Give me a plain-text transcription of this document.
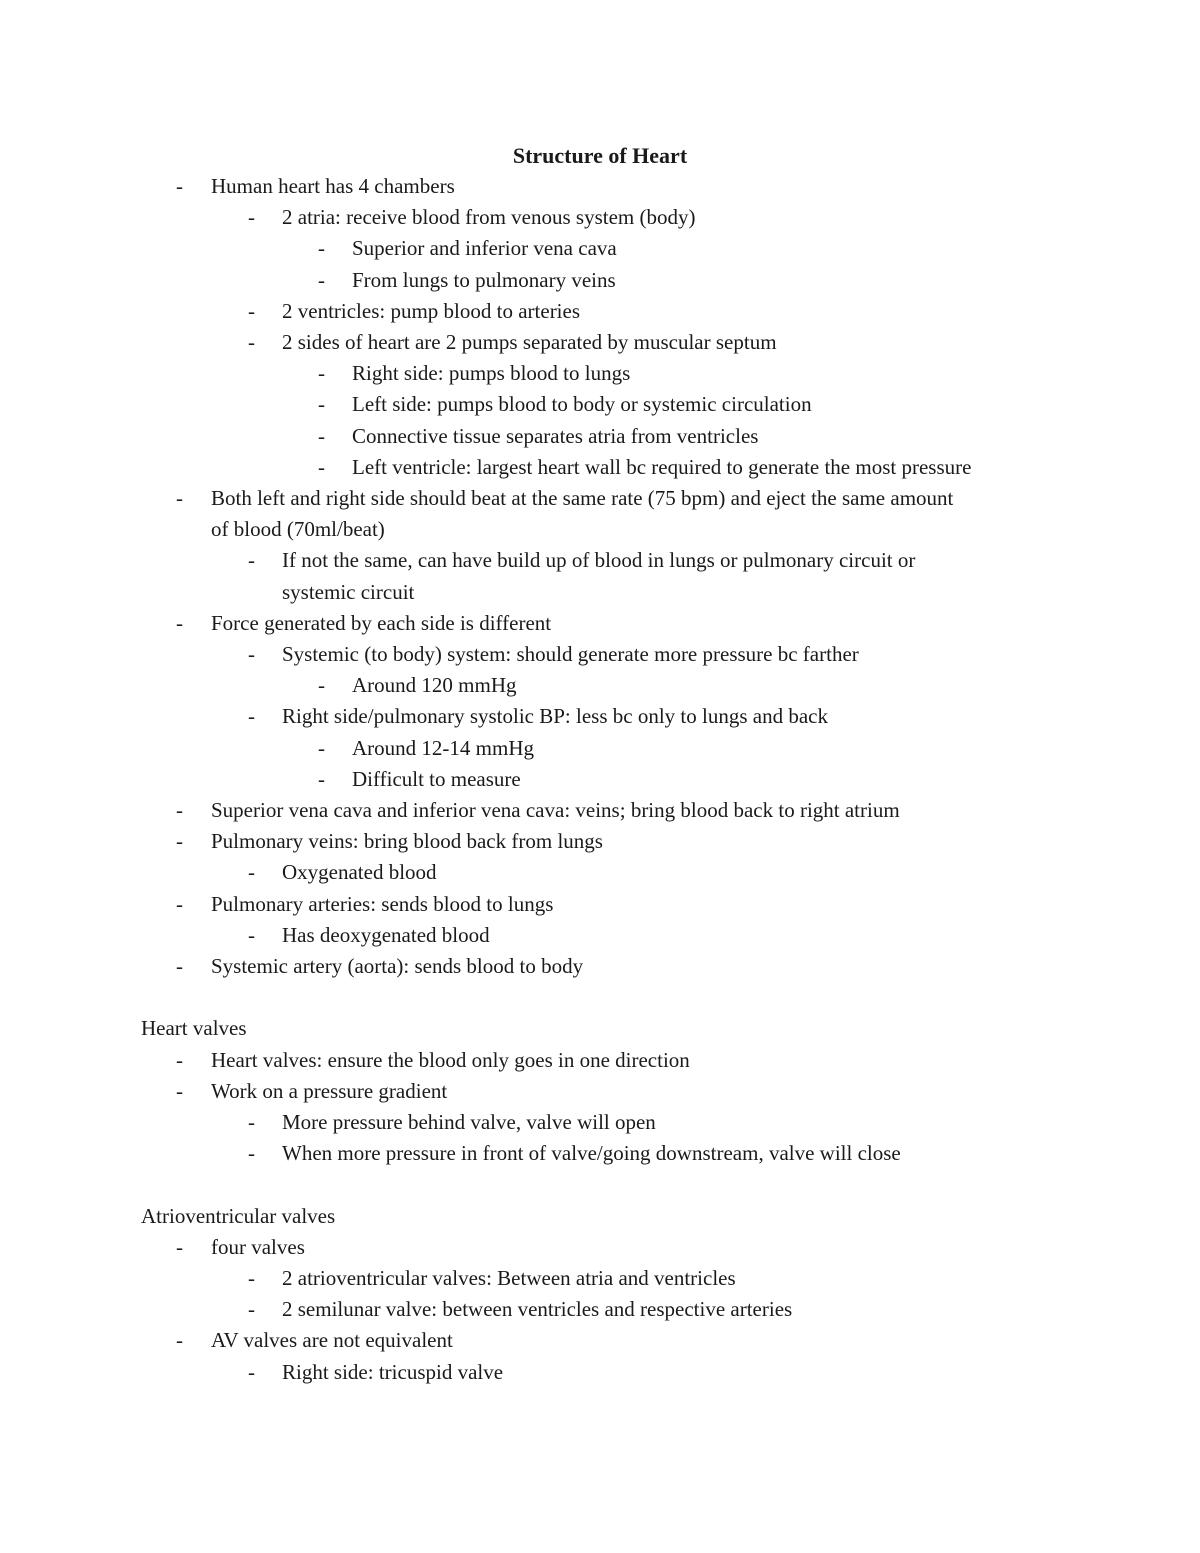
Structure of Heart
- Human heart has 4 chambers
- 2 atria: receive blood from venous system (body)
- Superior and inferior vena cava
- From lungs to pulmonary veins
- 2 ventricles: pump blood to arteries
- 2 sides of heart are 2 pumps separated by muscular septum
- Right side: pumps blood to lungs
- Left side: pumps blood to body or systemic circulation
- Connective tissue separates atria from ventricles
- Left ventricle: largest heart wall bc required to generate the most pressure
- Both left and right side should beat at the same rate (75 bpm) and eject the same amount
of blood (70ml/beat)
- If not the same, can have build up of blood in lungs or pulmonary circuit or
systemic circuit
- Force generated by each side is different
- Systemic (to body) system: should generate more pressure bc farther
- Around 120 mmHg
- Right side/pulmonary systolic BP: less bc only to lungs and back
- Around 12-14 mmHg
- Difficult to measure
- Superior vena cava and inferior vena cava: veins; bring blood back to right atrium
- Pulmonary veins: bring blood back from lungs
- Oxygenated blood
- Pulmonary arteries: sends blood to lungs
- Has deoxygenated blood
- Systemic artery (aorta): sends blood to body
Heart valves
- Heart valves: ensure the blood only goes in one direction
- Work on a pressure gradient
- More pressure behind valve, valve will open
- When more pressure in front of valve/going downstream, valve will close
Atrioventricular valves
- four valves
- 2 atrioventricular valves: Between atria and ventricles
- 2 semilunar valve: between ventricles and respective arteries
- AV valves are not equivalent
- Right side: tricuspid valve
